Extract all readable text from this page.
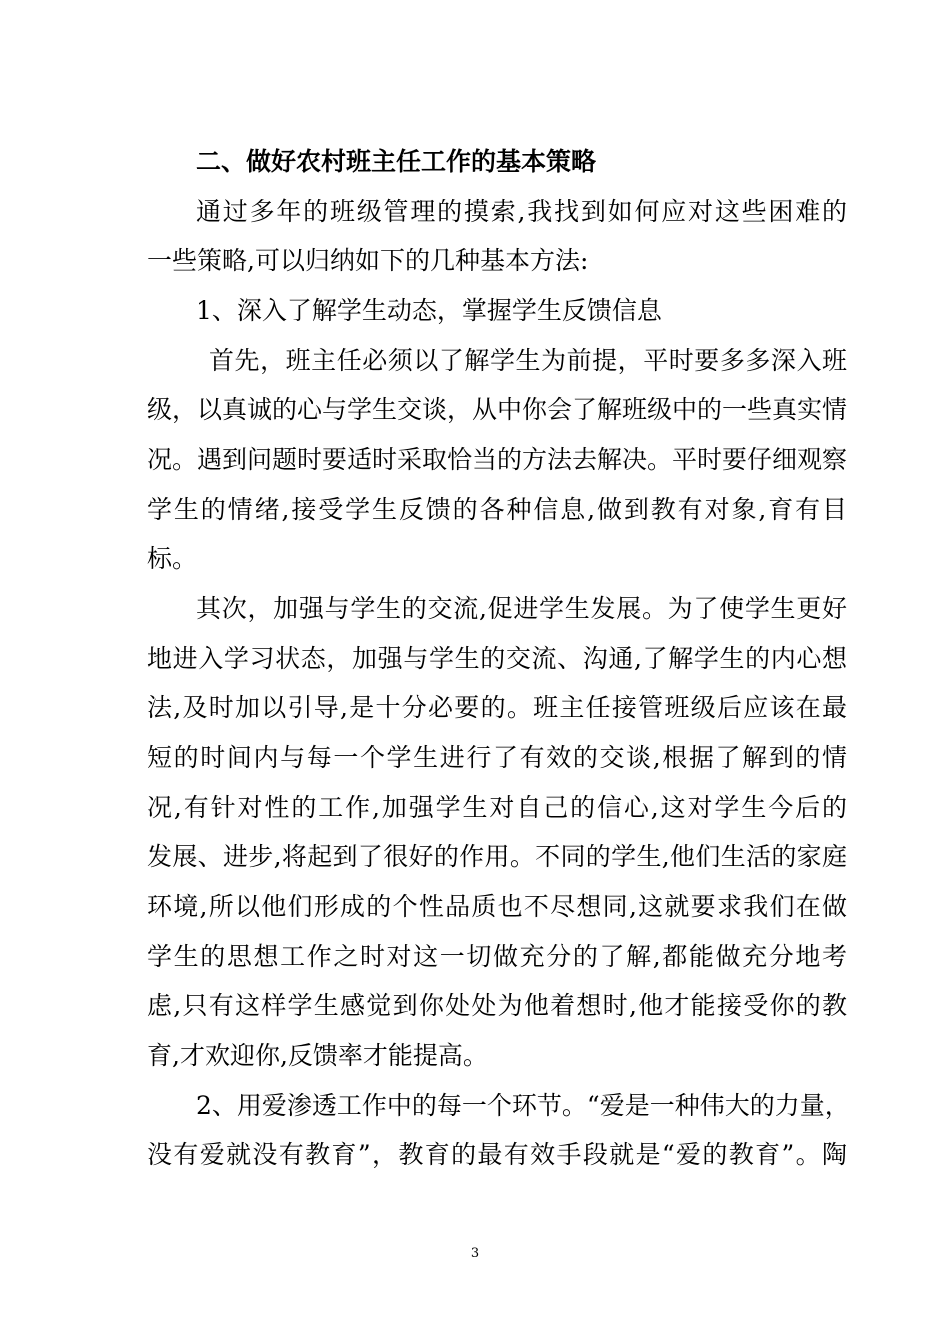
二、做好农村班主任工作的基本策略
通过多年的班级管理的摸索,我找到如何应对这些困难的
一些策略,可以归纳如下的几种基本方法:
1、深入了解学生动态，掌握学生反馈信息
首先，班主任必须以了解学生为前提，平时要多多深入班
级，以真诚的心与学生交谈，从中你会了解班级中的一些真实情
况。遇到问题时要适时采取恰当的方法去解决。平时要仔细观察
学生的情绪,接受学生反馈的各种信息,做到教有对象,育有目
标。
其次，加强与学生的交流,促进学生发展。为了使学生更好
地进入学习状态，加强与学生的交流、沟通,了解学生的内心想
法,及时加以引导,是十分必要的。班主任接管班级后应该在最
短的时间内与每一个学生进行了有效的交谈,根据了解到的情
况,有针对性的工作,加强学生对自己的信心,这对学生今后的
发展、进步,将起到了很好的作用。不同的学生,他们生活的家庭
环境,所以他们形成的个性品质也不尽想同,这就要求我们在做
学生的思想工作之时对这一切做充分的了解,都能做充分地考
虑,只有这样学生感觉到你处处为他着想时,他才能接受你的教
育,才欢迎你,反馈率才能提高。
2、用爱渗透工作中的每一个环节。“爱是一种伟大的力量，
没有爱就没有教育”，教育的最有效手段就是“爱的教育”。陶
3
